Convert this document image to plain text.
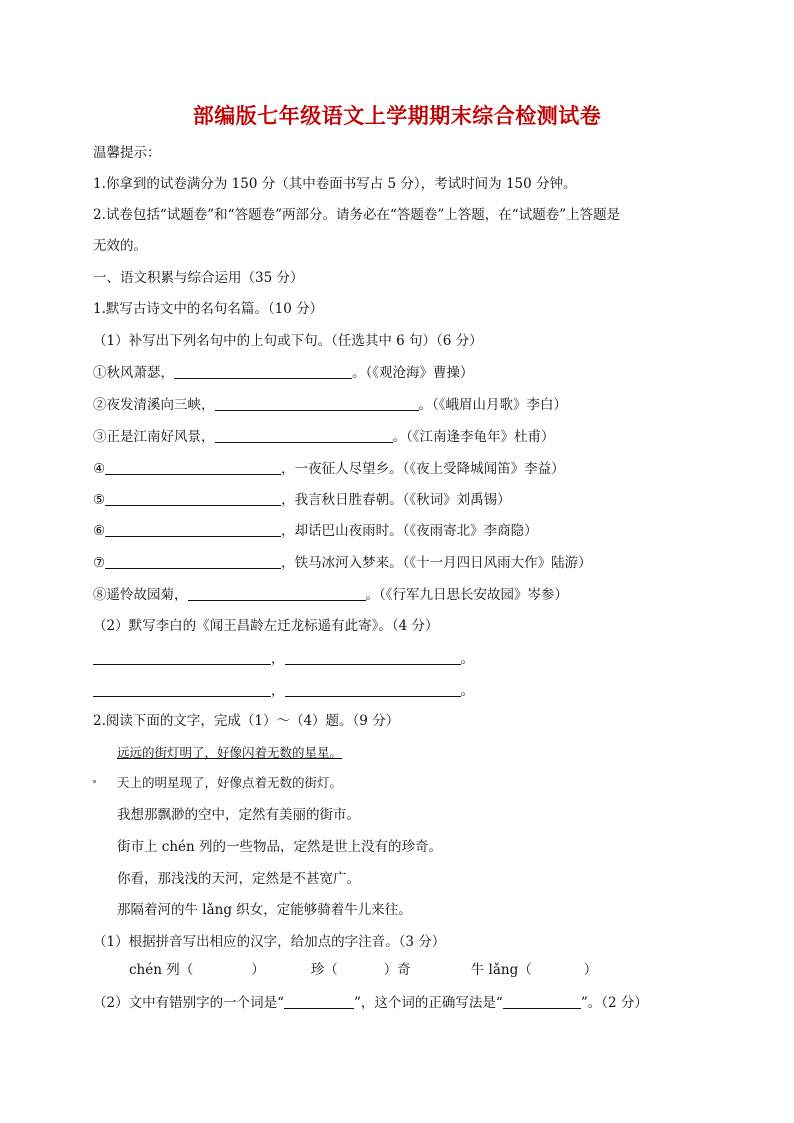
部编版七年级语文上学期期末综合检测试卷
温馨提示：
1.你拿到的试卷满分为 150 分（其中卷面书写占 5 分），考试时间为 150 分钟。
2.试卷包括“试题卷”和“答题卷”两部分。请务必在“答题卷”上答题，在“试题卷”上答题是
无效的。
一、语文积累与综合运用（35 分）
1.默写古诗文中的名句名篇。（10 分）
（1）补写出下列名句中的上句或下句。（任选其中 6 句）（6 分）
①秋风萧瑟，	。（《观沧海》曹操）
②夜发清溪向三峡，	。（《峨眉山月歌》李白）
③正是江南好风景，	。（《江南逢李龟年》杜甫）
④	，一夜征人尽望乡。（《夜上受降城闻笛》李益）
⑤	，我言秋日胜春朝。（《秋词》刘禹锡）
⑥	，却话巴山夜雨时。（《夜雨寄北》李商隐）
⑦	，铁马冰河入梦来。（《十一月四日风雨大作》陆游）
⑧遥怜故园菊，	。（《行军九日思长安故园》岑参）
（2）默写李白的《闻王昌龄左迁龙标遥有此寄》。（4 分）
，	。
，	。
2.阅读下面的文字，完成（1）～（4）题。（9 分）
远远的街灯明了，好像闪着无数的星星。
天上的明星现了，好像点着无数的街灯。
我想那飘渺的空中，定然有美丽的街市。
街市上 chén 列的一些物品，定然是世上没有的珍奇。
你看，那浅浅的天河，定然是不甚宽广。
那隔着河的牛 lǎng 织女，定能够骑着牛儿来往。
（1）根据拼音写出相应的汉字，给加点的字注音。（3 分）
chén 列（	）	珍（	）奇	牛 lǎng（	）
（2）文中有错别字的一个词是“	”，这个词的正确写法是“	”。（2 分）
